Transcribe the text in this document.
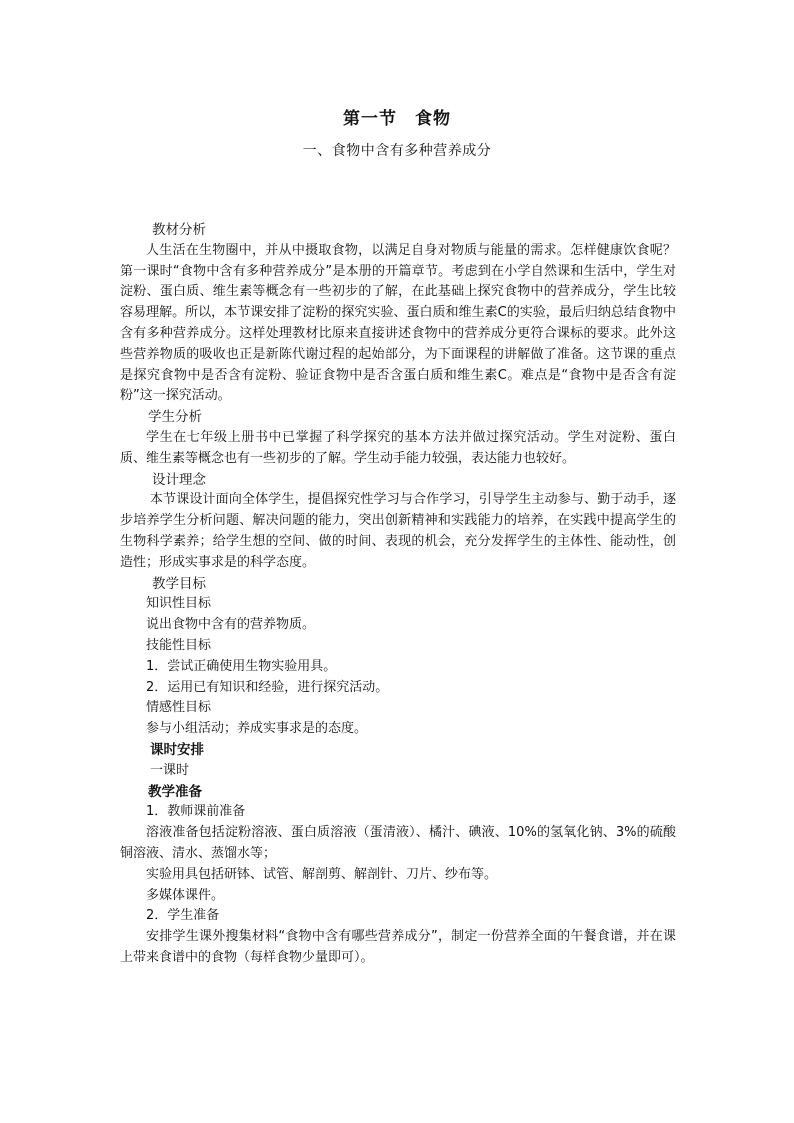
第一节　食物
一、食物中含有多种营养成分
教材分析
人生活在生物圈中，并从中摄取食物，以满足自身对物质与能量的需求。怎样健康饮食呢？第一课时“食物中含有多种营养成分”是本册的开篇章节。考虑到在小学自然课和生活中，学生对淀粉、蛋白质、维生素等概念有一些初步的了解，在此基础上探究食物中的营养成分，学生比较容易理解。所以，本节课安排了淀粉的探究实验、蛋白质和维生素C的实验，最后归纳总结食物中含有多种营养成分。这样处理教材比原来直接讲述食物中的营养成分更符合课标的要求。此外这些营养物质的吸收也正是新陈代谢过程的起始部分，为下面课程的讲解做了准备。这节课的重点是探究食物中是否含有淀粉、验证食物中是否含蛋白质和维生素C。难点是“食物中是否含有淀粉”这一探究活动。
学生分析
学生在七年级上册书中已掌握了科学探究的基本方法并做过探究活动。学生对淀粉、蛋白质、维生素等概念也有一些初步的了解。学生动手能力较强，表达能力也较好。
设计理念
本节课设计面向全体学生，提倡探究性学习与合作学习，引导学生主动参与、勤于动手，逐步培养学生分析问题、解决问题的能力，突出创新精神和实践能力的培养，在实践中提高学生的生物科学素养；给学生想的空间、做的时间、表现的机会，充分发挥学生的主体性、能动性，创造性；形成实事求是的科学态度。
教学目标
知识性目标
说出食物中含有的营养物质。
技能性目标
1．尝试正确使用生物实验用具。
2．运用已有知识和经验，进行探究活动。
情感性目标
参与小组活动；养成实事求是的态度。
课时安排
一课时
教学准备
1．教师课前准备
溶液准备包括淀粉溶液、蛋白质溶液（蛋清液）、橘汁、碘液、10%的氢氧化钠、3%的硫酸铜溶液、清水、蒸馏水等；
实验用具包括研钵、试管、解剖剪、解剖针、刀片、纱布等。
多媒体课件。
2．学生准备
安排学生课外搜集材料“食物中含有哪些营养成分”，制定一份营养全面的午餐食谱，并在课上带来食谱中的食物（每样食物少量即可）。
